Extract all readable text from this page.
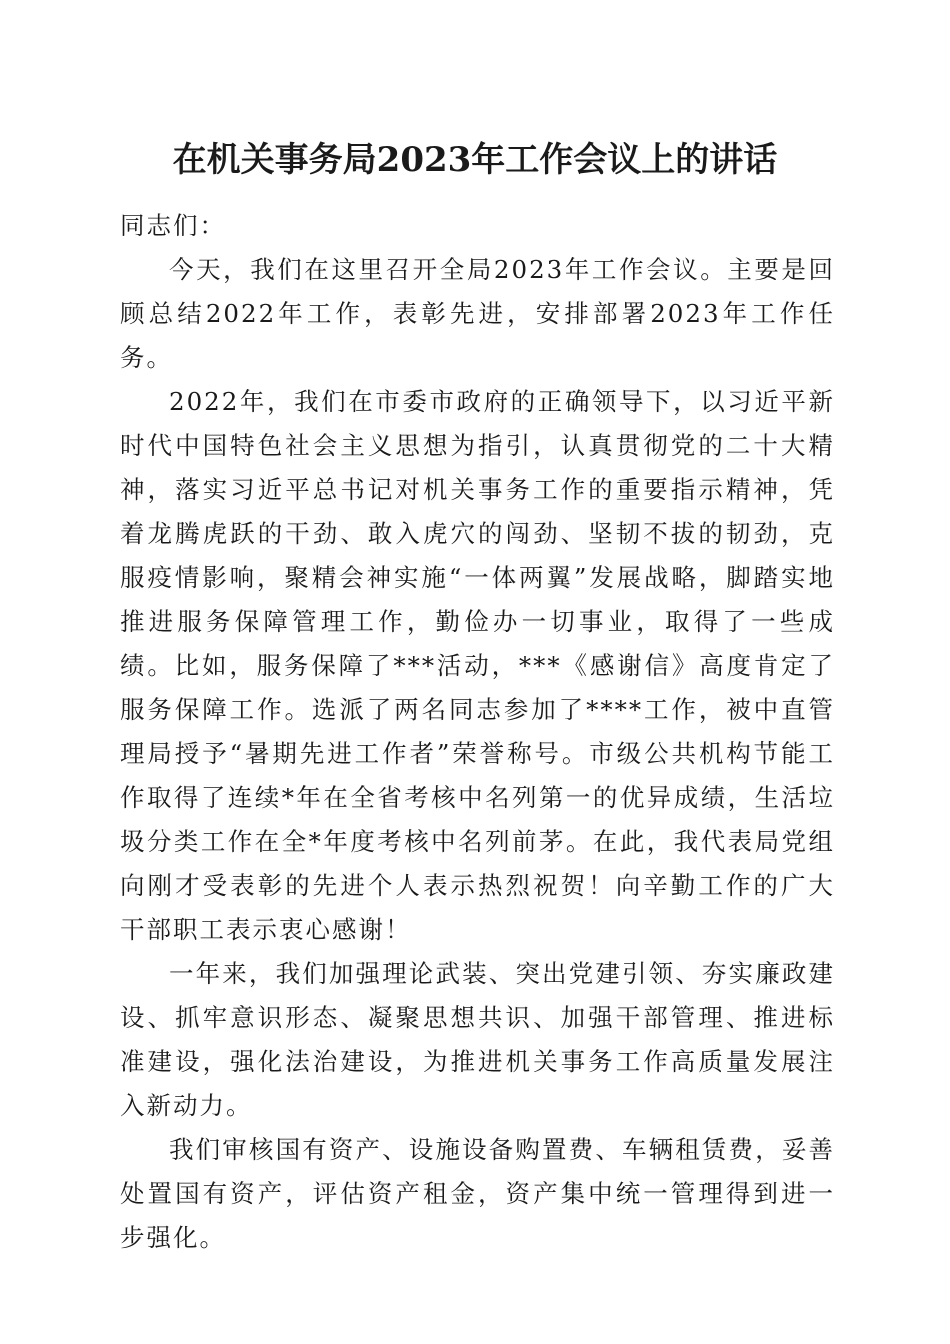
在机关事务局2023年工作会议上的讲话

同志们：

今天，我们在这里召开全局2023年工作会议。主要是回顾总结2022年工作，表彰先进，安排部署2023年工作任务。

2022年，我们在市委市政府的正确领导下，以习近平新时代中国特色社会主义思想为指引，认真贯彻党的二十大精神，落实习近平总书记对机关事务工作的重要指示精神，凭着龙腾虎跃的干劲、敢入虎穴的闯劲、坚韧不拔的韧劲，克服疫情影响，聚精会神实施“一体两翼”发展战略，脚踏实地推进服务保障管理工作，勤俭办一切事业，取得了一些成绩。比如，服务保障了***活动，***《感谢信》高度肯定了服务保障工作。选派了两名同志参加了****工作，被中直管理局授予“暑期先进工作者”荣誉称号。市级公共机构节能工作取得了连续*年在全省考核中名列第一的优异成绩，生活垃圾分类工作在全*年度考核中名列前茅。在此，我代表局党组向刚才受表彰的先进个人表示热烈祝贺！向辛勤工作的广大干部职工表示衷心感谢！

一年来，我们加强理论武装、突出党建引领、夯实廉政建设、抓牢意识形态、凝聚思想共识、加强干部管理、推进标准建设，强化法治建设，为推进机关事务工作高质量发展注入新动力。

我们审核国有资产、设施设备购置费、车辆租赁费，妥善处置国有资产，评估资产租金，资产集中统一管理得到进一步强化。
